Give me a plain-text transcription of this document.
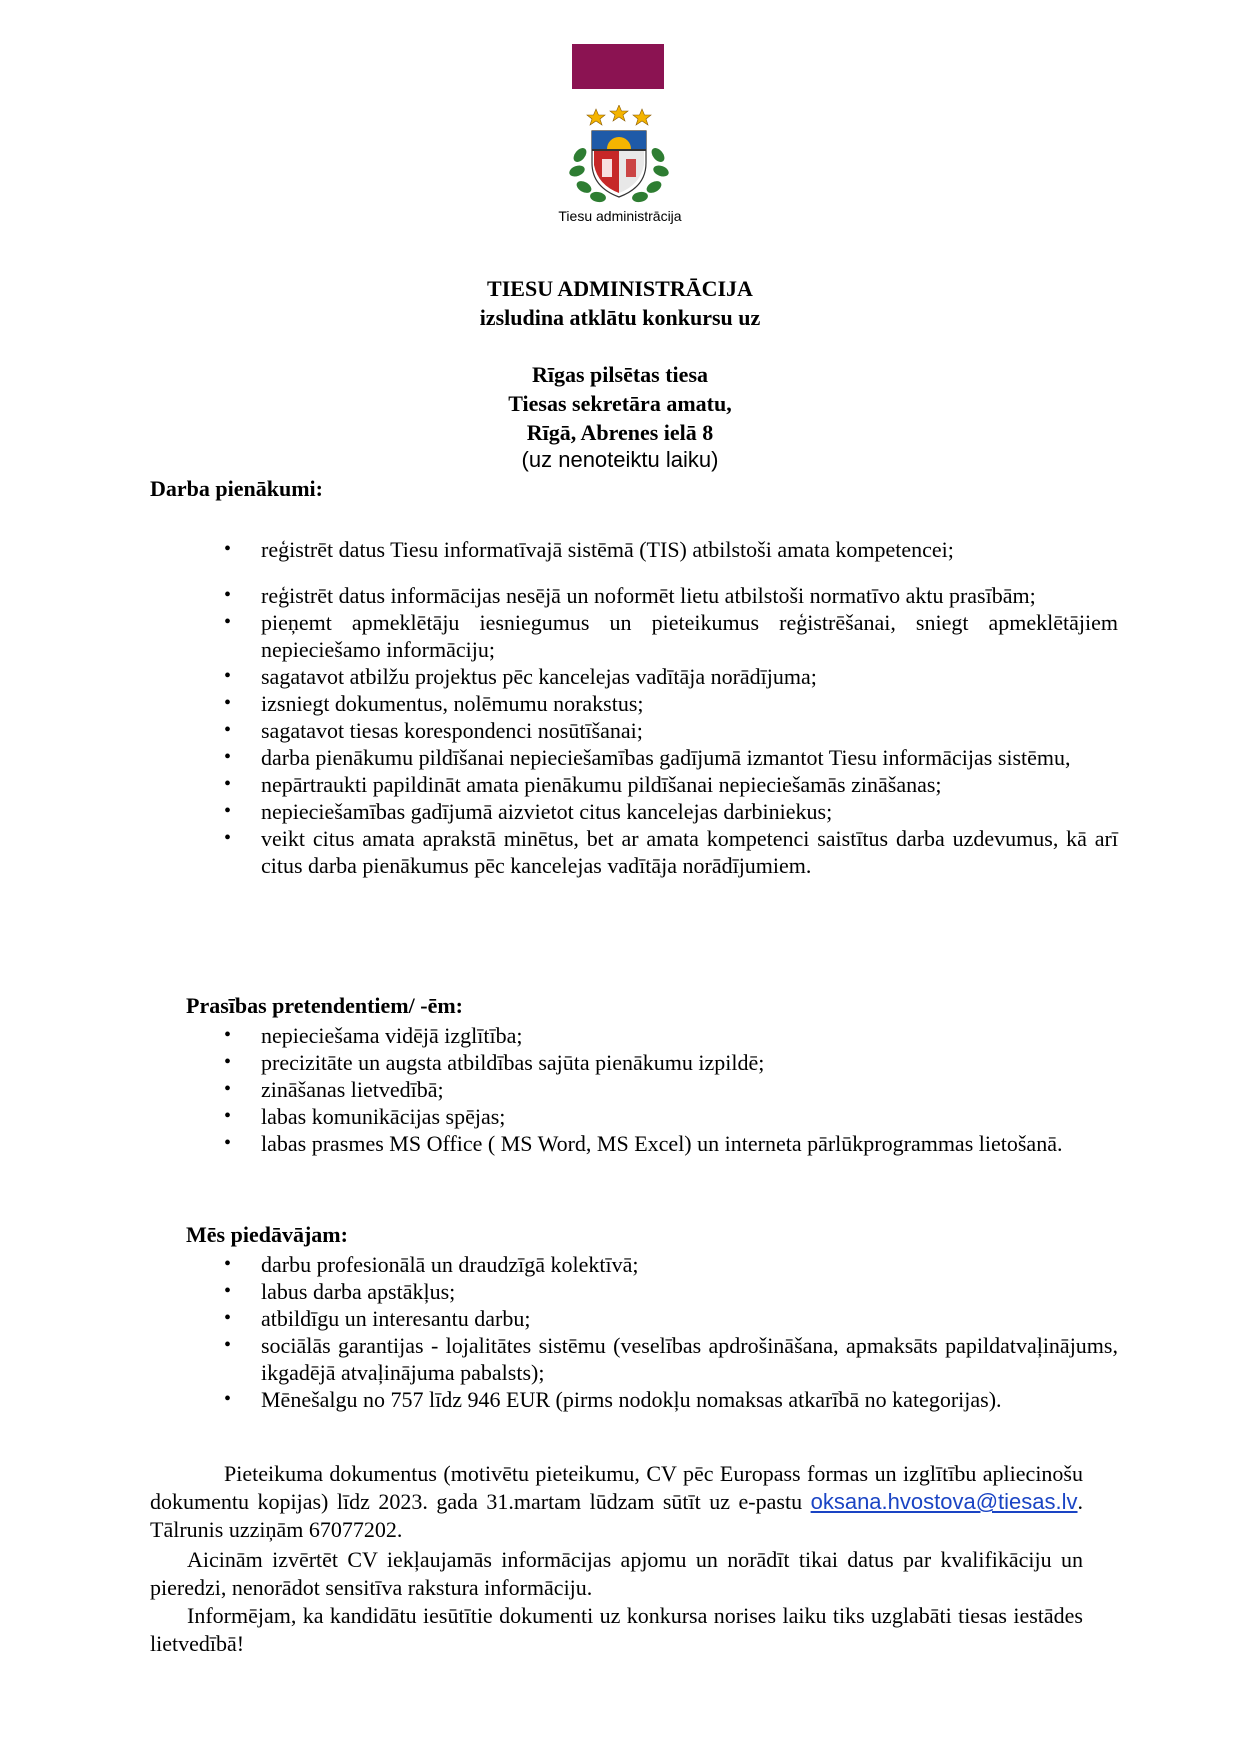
Tiesu administrācija
TIESU ADMINISTRĀCIJA
izsludina atklātu konkursu uz
Rīgas pilsētas tiesa
Tiesas sekretāra amatu,
Rīgā, Abrenes ielā 8
(uz nenoteiktu laiku)
Darba pienākumi:
• reģistrēt datus Tiesu informatīvajā sistēmā (TIS) atbilstoši amata kompetencei;
• reģistrēt datus informācijas nesējā un noformēt lietu atbilstoši normatīvo aktu prasībām;
• pieņemt apmeklētāju iesniegumus un pieteikumus reģistrēšanai, sniegt apmeklētājiem nepieciešamo informāciju;
• sagatavot atbilžu projektus pēc kancelejas vadītāja norādījuma;
• izsniegt dokumentus, nolēmumu norakstus;
• sagatavot tiesas korespondenci nosūtīšanai;
• darba pienākumu pildīšanai nepieciešamības gadījumā izmantot Tiesu informācijas sistēmu,
• nepārtraukti papildināt amata pienākumu pildīšanai nepieciešamās zināšanas;
• nepieciešamības gadījumā aizvietot citus kancelejas darbiniekus;
• veikt citus amata aprakstā minētus, bet ar amata kompetenci saistītus darba uzdevumus, kā arī citus darba pienākumus pēc kancelejas vadītāja norādījumiem.
Prasības pretendentiem/ -ēm:
• nepieciešama vidējā izglītība;
• precizitāte un augsta atbildības sajūta pienākumu izpildē;
• zināšanas lietvedībā;
• labas komunikācijas spējas;
• labas prasmes MS Office ( MS Word, MS Excel) un interneta pārlūkprogrammas lietošanā.
Mēs piedāvājam:
• darbu profesionālā un draudzīgā kolektīvā;
• labus darba apstākļus;
• atbildīgu un interesantu darbu;
• sociālās garantijas - lojalitātes sistēmu (veselības apdrošināšana, apmaksāts papildatvaļinājums, ikgadējā atvaļinājuma pabalsts);
• Mēnešalgu no 757 līdz 946 EUR (pirms nodokļu nomaksas atkarībā no kategorijas).
Pieteikuma dokumentus (motivētu pieteikumu, CV pēc Europass formas un izglītību apliecinošu dokumentu kopijas) līdz 2023. gada 31.martam lūdzam sūtīt uz e-pastu oksana.hvostova@tiesas.lv. Tālrunis uzziņām 67077202.
Aicinām izvērtēt CV iekļaujamās informācijas apjomu un norādīt tikai datus par kvalifikāciju un pieredzi, nenorādot sensitīva rakstura informāciju.
Informējam, ka kandidātu iesūtītie dokumenti uz konkursa norises laiku tiks uzglabāti tiesas iestādes lietvedībā!
